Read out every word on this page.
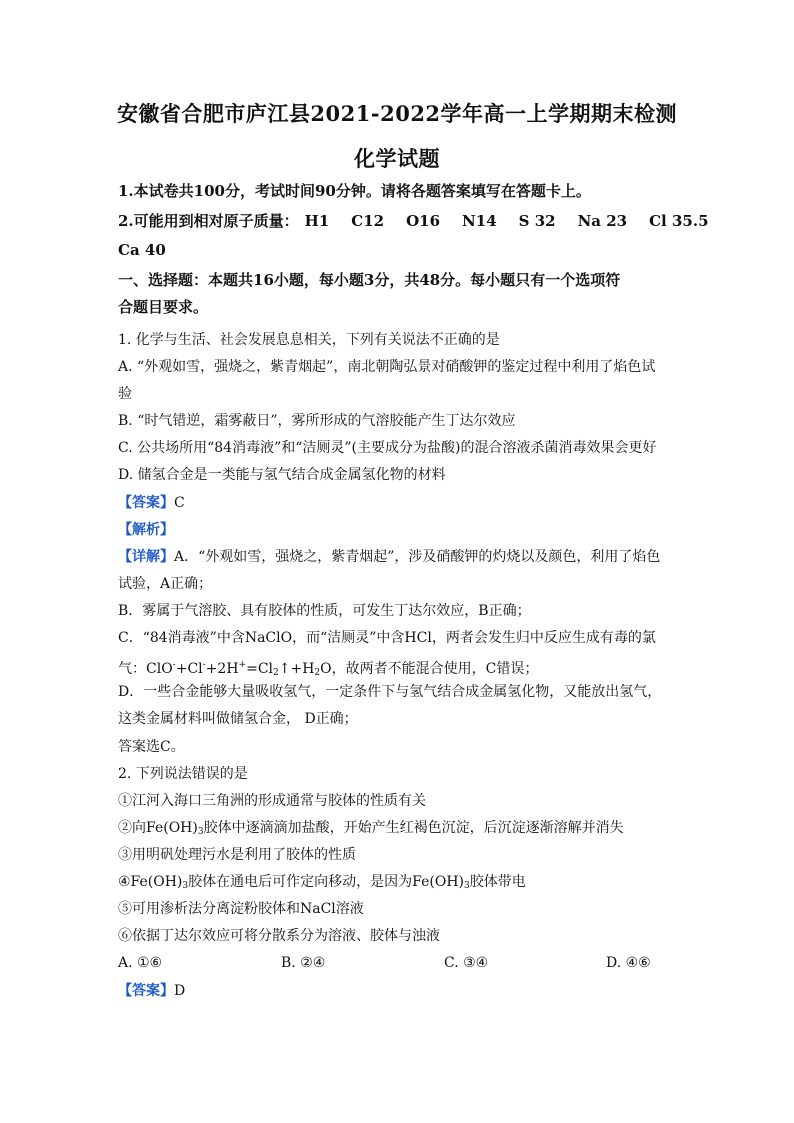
安徽省合肥市庐江县2021-2022学年高一上学期期末检测
化学试题
1.本试卷共100分，考试时间90分钟。请将各题答案填写在答题卡上。
2.可能用到相对原子质量： H1 C12 O16 N14 S 32 Na 23 Cl 35.5
Ca 40
一、选择题：本题共16小题，每小题3分，共48分。每小题只有一个选项符
合题目要求。
1. 化学与生活、社会发展息息相关，下列有关说法不正确的是
A. “外观如雪，强烧之，紫青烟起”，南北朝陶弘景对硝酸钾的鉴定过程中利用了焰色试
验
B. “时气错逆，霜雾蔽日”，雾所形成的气溶胶能产生丁达尔效应
C. 公共场所用“84消毒液”和“洁厕灵”(主要成分为盐酸)的混合溶液杀菌消毒效果会更好
D. 储氢合金是一类能与氢气结合成金属氢化物的材料
【答案】C
【解析】
【详解】A．“外观如雪，强烧之，紫青烟起”，涉及硝酸钾的灼烧以及颜色，利用了焰色
试验，A正确；
B．雾属于气溶胶、具有胶体的性质，可发生丁达尔效应，B正确；
C．“84消毒液”中含NaClO，而“洁厕灵”中含HCl，两者会发生归中反应生成有毒的氯
气：$ClO^-+Cl^-+2H^+=Cl_2↑+H_2O$，故两者不能混合使用，C错误；
D．一些合金能够大量吸收氢气，一定条件下与氢气结合成金属氢化物，又能放出氢气，
这类金属材料叫做储氢合金， D正确；
答案选C。
2. 下列说法错误的是
①江河入海口三角洲的形成通常与胶体的性质有关
②向$Fe(OH)_3$胶体中逐滴滴加盐酸，开始产生红褐色沉淀，后沉淀逐渐溶解并消失
③用明矾处理污水是利用了胶体的性质
$④Fe(OH)_3$胶体在通电后可作定向移动，是因为$Fe(OH)_3$胶体带电
⑤可用渗析法分离淀粉胶体和NaCl溶液
⑥依据丁达尔效应可将分散系分为溶液、胶体与浊液
A. ①⑥	B. ②④	C. ③④	D. ④⑥
【答案】D
